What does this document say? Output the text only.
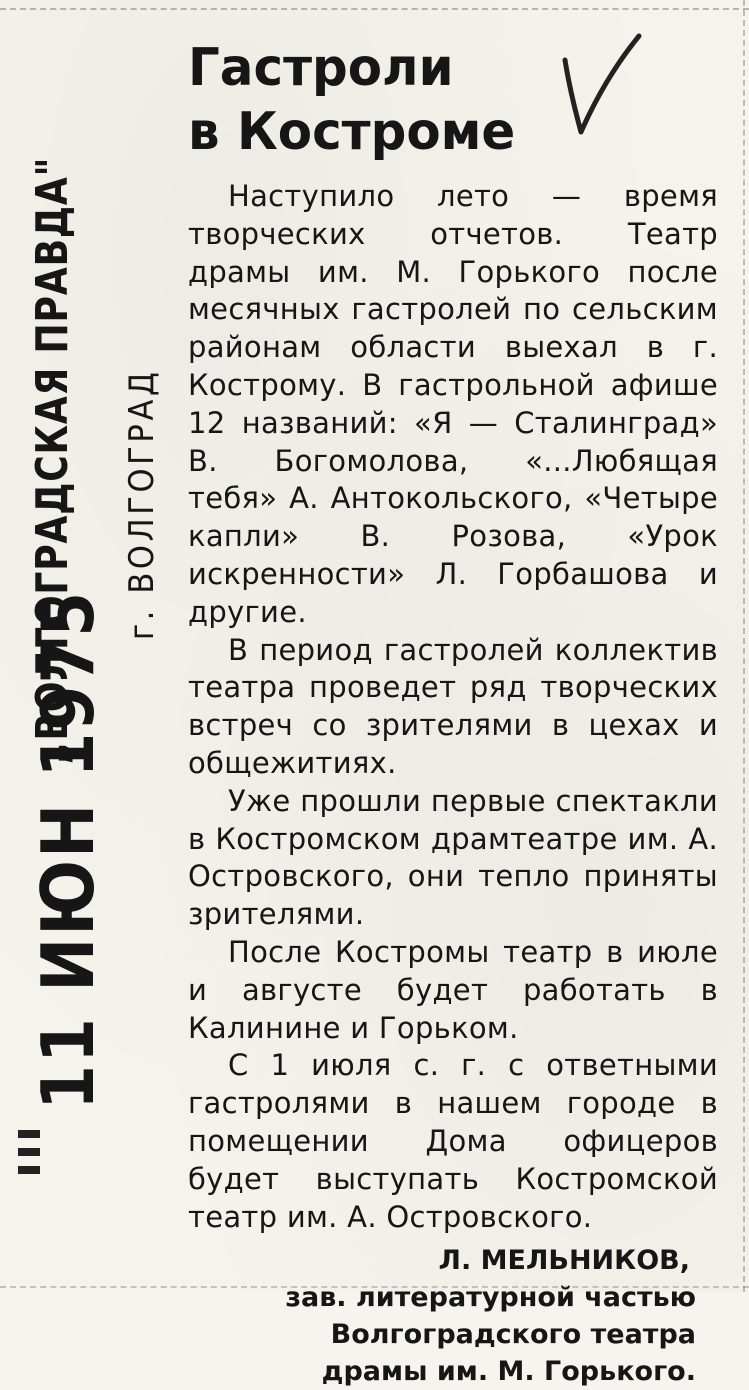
11 ИЮН 1975
„ВОЛГОГРАДСКАЯ ПРАВДА" г. ВОЛГОГРАД
Гастроли
в Костроме

Наступило лето — время творческих отчетов. Театр драмы им. М. Горького после месячных гастролей по сельским районам области выехал в г. Кострому. В гастрольной афише 12 названий: «Я — Сталинград» В. Богомолова, «...Любящая тебя» А. Антокольского, «Четыре капли» В. Розова, «Урок искренности» Л. Горбашова и другие.

В период гастролей коллектив театра проведет ряд творческих встреч со зрителями в цехах и общежитиях.

Уже прошли первые спектакли в Костромском драмтеатре им. А. Островского, они тепло приняты зрителями.

После Костромы театр в июле и августе будет работать в Калинине и Горьком.

С 1 июля с. г. с ответными гастролями в нашем городе в помещении Дома офицеров будет выступать Костромской театр им. А. Островского.

Л. МЕЛЬНИКОВ,
зав. литературной частью
Волгоградского театра
драмы им. М. Горького.
